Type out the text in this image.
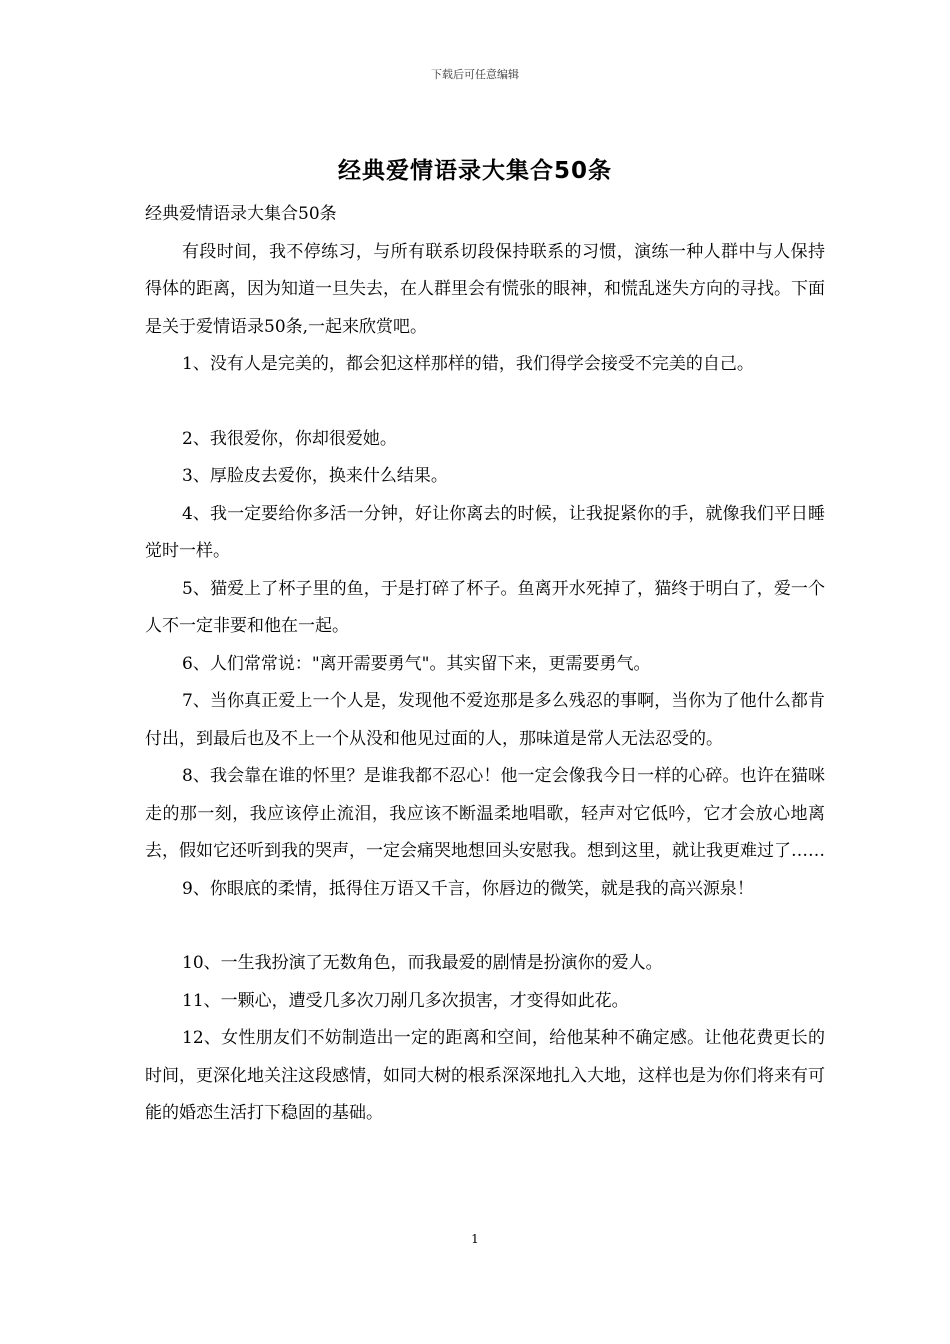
下载后可任意编辑
经典爱情语录大集合50条

经典爱情语录大集合50条

有段时间，我不停练习，与所有联系切段保持联系的习惯，演练一种人群中与人保持得体的距离，因为知道一旦失去，在人群里会有慌张的眼神，和慌乱迷失方向的寻找。下面是关于爱情语录50条,一起来欣赏吧。

1、没有人是完美的，都会犯这样那样的错，我们得学会接受不完美的自己。

2、我很爱你，你却很爱她。

3、厚脸皮去爱你，换来什么结果。

4、我一定要给你多活一分钟，好让你离去的时候，让我捉紧你的手，就像我们平日睡觉时一样。

5、猫爱上了杯子里的鱼，于是打碎了杯子。鱼离开水死掉了，猫终于明白了，爱一个人不一定非要和他在一起。

6、人们常常说："离开需要勇气"。其实留下来，更需要勇气。

7、当你真正爱上一个人是，发现他不爱迩那是多么残忍的事啊，当你为了他什么都肯付出，到最后也及不上一个从没和他见过面的人，那味道是常人无法忍受的。

8、我会靠在谁的怀里？是谁我都不忍心！他一定会像我今日一样的心碎。也许在猫咪走的那一刻，我应该停止流泪，我应该不断温柔地唱歌，轻声对它低吟，它才会放心地离去，假如它还听到我的哭声，一定会痛哭地想回头安慰我。想到这里，就让我更难过了……

9、你眼底的柔情，抵得住万语又千言，你唇边的微笑，就是我的高兴源泉！

10、一生我扮演了无数角色，而我最爱的剧情是扮演你的爱人。

11、一颗心，遭受几多次刀剐几多次损害，才变得如此花。

12、女性朋友们不妨制造出一定的距离和空间，给他某种不确定感。让他花费更长的时间，更深化地关注这段感情，如同大树的根系深深地扎入大地，这样也是为你们将来有可能的婚恋生活打下稳固的基础。

1
